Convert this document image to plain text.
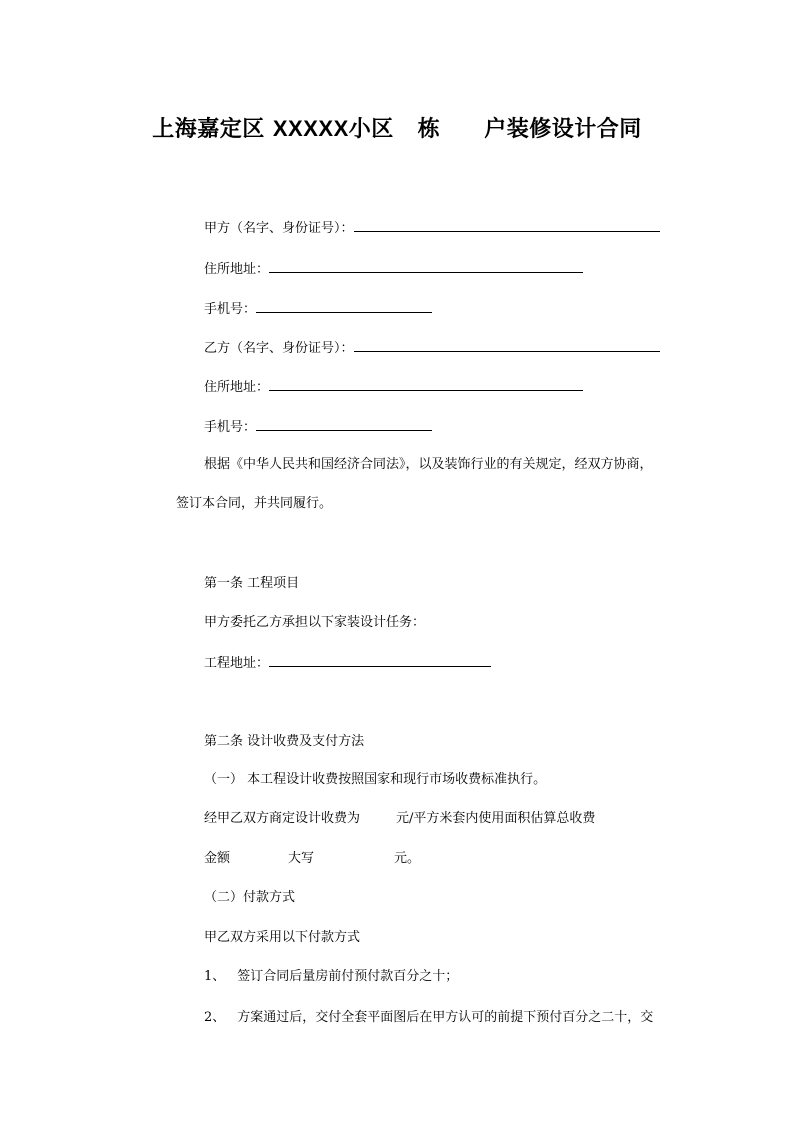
上海嘉定区 XXXXX小区 栋 户装修设计合同
甲方（名字、身份证号）：
住所地址：
手机号：
乙方（名字、身份证号）：
住所地址：
手机号：
根据《中华人民共和国经济合同法》，以及装饰行业的有关规定，经双方协商，
签订本合同，并共同履行。
第一条 工程项目
甲方委托乙方承担以下家装设计任务：
工程地址：
第二条 设计收费及支付方法
（一） 本工程设计收费按照国家和现行市场收费标准执行。
经甲乙双方商定设计收费为	元/平方米套内使用面积估算总收费
金额	大写	元。
（二）付款方式
甲乙双方采用以下付款方式
1、 签订合同后量房前付预付款百分之十；
2、 方案通过后，交付全套平面图后在甲方认可的前提下预付百分之二十，交
